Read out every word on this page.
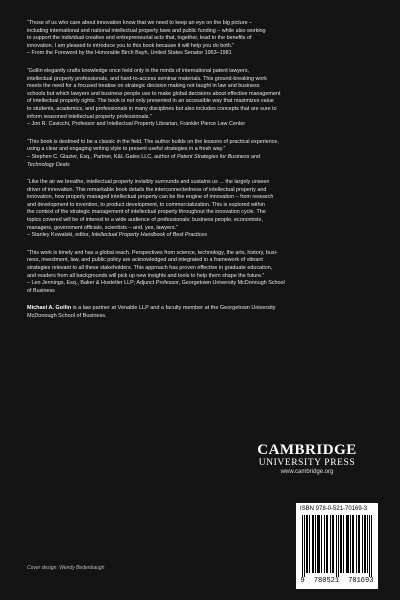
“Those of us who care about innovation know that we need to keep an eye on the big picture –

including international and national intellectual property laws and public funding – while also working

to support the individual creative and entrepreneurial acts that, together, lead to the benefits of

innovation. I am pleased to introduce you to this book because it will help you do both.”

– From the Foreword by the Honorable Birch Bayh, United States Senator 1963–1981

“Gollin elegantly crafts knowledge once held only in the minds of international patent lawyers,

intellectual property professionals, and hard-to-access seminar materials. This ground-breaking work

meets the need for a focused treatise on strategic decision making not taught in law and business

schools but which lawyers and business people use to make global decisions about effective management

of intellectual property rights. The book is not only presented in an accessible way that maximizes value

to students, academics, and professionals in many disciplines but also includes concepts that are sure to

inform seasoned intellectual property professionals.”

– Jon R. Cavicchi, Professor and Intellectual Property Librarian, Franklin Pierce Law Center

“This book is destined to be a classic in the field. The author builds on the lessons of practical experience,

using a clear and engaging writing style to present useful strategies in a fresh way.”

– Stephen C. Glazier, Esq., Partner, K&L Gates LLC, author of Patent Strategies for Business and

Technology Deals

“Like the air we breathe, intellectual property invisibly surrounds and sustains us ... the largely unseen

driver of innovation. This remarkable book details the interconnectedness of intellectual property and

innovation, how properly managed intellectual property can be the engine of innovation – from research

and development to invention, to product development, to commercialization. This is explored within

the context of the strategic management of intellectual property throughout the innovation cycle. The

topics covered will be of interest to a wide audience of professionals: business people, economists,

managers, government officials, scientists – and, yes, lawyers.”

– Stanley Kowalski, editor, Intellectual Property Handbook of Best Practices

“This work is timely and has a global reach. Perspectives from science, technology, the arts, history, busi-

ness, investment, law, and public policy are acknowledged and integrated in a framework of vibrant

strategies relevant to all these stakeholders. This approach has proven effective in graduate education,

and readers from all backgrounds will pick up new insights and tools to help them shape the future.”

– Leo Jennings, Esq., Baker & Hostetler LLP; Adjunct Professor, Georgetown University McDonough School

of Business

Michael A. Gollin is a law partner at Venable LLP and a faculty member at the Georgetown University
McDonough School of Business.
CAMBRIDGE
UNIVERSITY PRESS
www.cambridge.org
ISBN 978-0-521-70169-3
9 780521 701693
Cover design: Wendy Bedenbaugh
